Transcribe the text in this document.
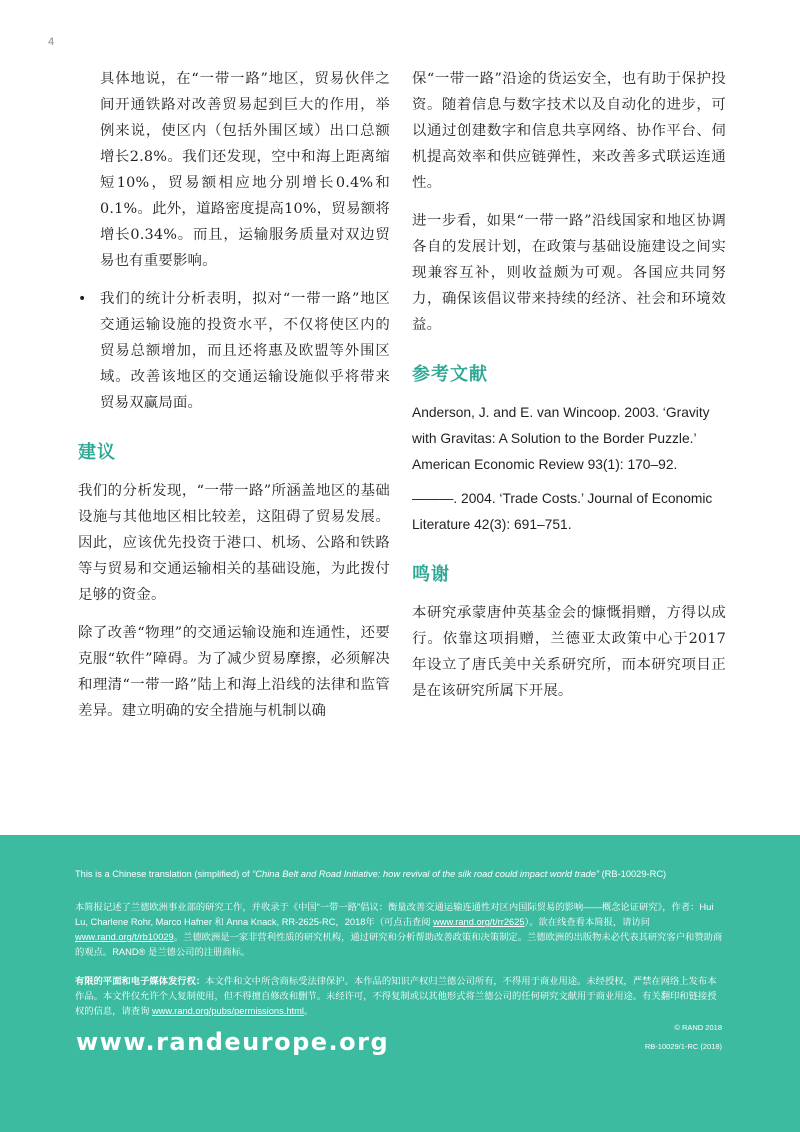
4

具体地说，在“一带一路”地区，贸易伙伴之间开通铁路对改善贸易起到巨大的作用，举例来说，使区内（包括外围区域）出口总额增长2.8%。我们还发现，空中和海上距离缩短10%，贸易额相应地分别增长0.4%和0.1%。此外，道路密度提高10%，贸易额将增长0.34%。而且，运输服务质量对双边贸易也有重要影响。

• 我们的统计分析表明，拟对“一带一路”地区交通运输设施的投资水平，不仅将使区内的贸易总额增加，而且还将惠及欧盟等外围区域。改善该地区的交通运输设施似乎将带来贸易双赢局面。

建议

我们的分析发现，“一带一路”所涵盖地区的基础设施与其他地区相比较差，这阻碍了贸易发展。因此，应该优先投资于港口、机场、公路和铁路等与贸易和交通运输相关的基础设施，为此拨付足够的资金。

除了改善“物理”的交通运输设施和连通性，还要克服“软件”障碍。为了减少贸易摩擦，必须解决和理清“一带一路”陆上和海上沿线的法律和监管差异。建立明确的安全措施与机制以确

保“一带一路”沿途的货运安全，也有助于保护投资。随着信息与数字技术以及自动化的进步，可以通过创建数字和信息共享网络、协作平台、伺机提高效率和供应链弹性，来改善多式联运连通性。

进一步看，如果“一带一路”沿线国家和地区协调各自的发展计划，在政策与基础设施建设之间实现兼容互补，则收益颇为可观。各国应共同努力，确保该倡议带来持续的经济、社会和环境效益。

参考文献

Anderson, J. and E. van Wincoop. 2003. ‘Gravity with Gravitas: A Solution to the Border Puzzle.’ American Economic Review 93(1): 170–92.

———. 2004. ‘Trade Costs.’ Journal of Economic Literature 42(3): 691–751.

鸣谢

本研究承蒙唐仲英基金会的慷慨捐赠，方得以成行。依靠这项捐赠，兰德亚太政策中心于2017年设立了唐氏美中关系研究所，而本研究项目正是在该研究所属下开展。

This is a Chinese translation (simplified) of “China Belt and Road Initiative: how revival of the silk road could impact world trade” (RB-10029-RC)

本简报记述了兰德欧洲事业部的研究工作，并收录于《中国“一带一路”倡议：衡量改善交通运输连通性对区内国际贸易的影响——概念论证研究》，作者：Hui Lu, Charlene Rohr, Marco Hafner 和 Anna Knack, RR-2625-RC，2018年（可点击查阅 www.rand.org/t/rr2625）。欲在线查看本简报，请访问www.rand.org/t/rb10029。兰德欧洲是一家非营利性质的研究机构，通过研究和分析帮助改善政策和决策制定。兰德欧洲的出版物未必代表其研究客户和赞助商的观点。RAND® 是兰德公司的注册商标。

有限的平面和电子媒体发行权：本文件和文中所含商标受法律保护。本作品的知识产权归兰德公司所有，不得用于商业用途。未经授权，严禁在网络上发布本作品。本文件仅允许个人复制使用，但不得擅自修改和删节。未经许可，不得复制或以其他形式将兰德公司的任何研究文献用于商业用途。有关翻印和链接授权的信息，请查询 www.rand.org/pubs/permissions.html。

www.randeurope.org
© RAND 2018
RB-10029/1-RC (2018)
